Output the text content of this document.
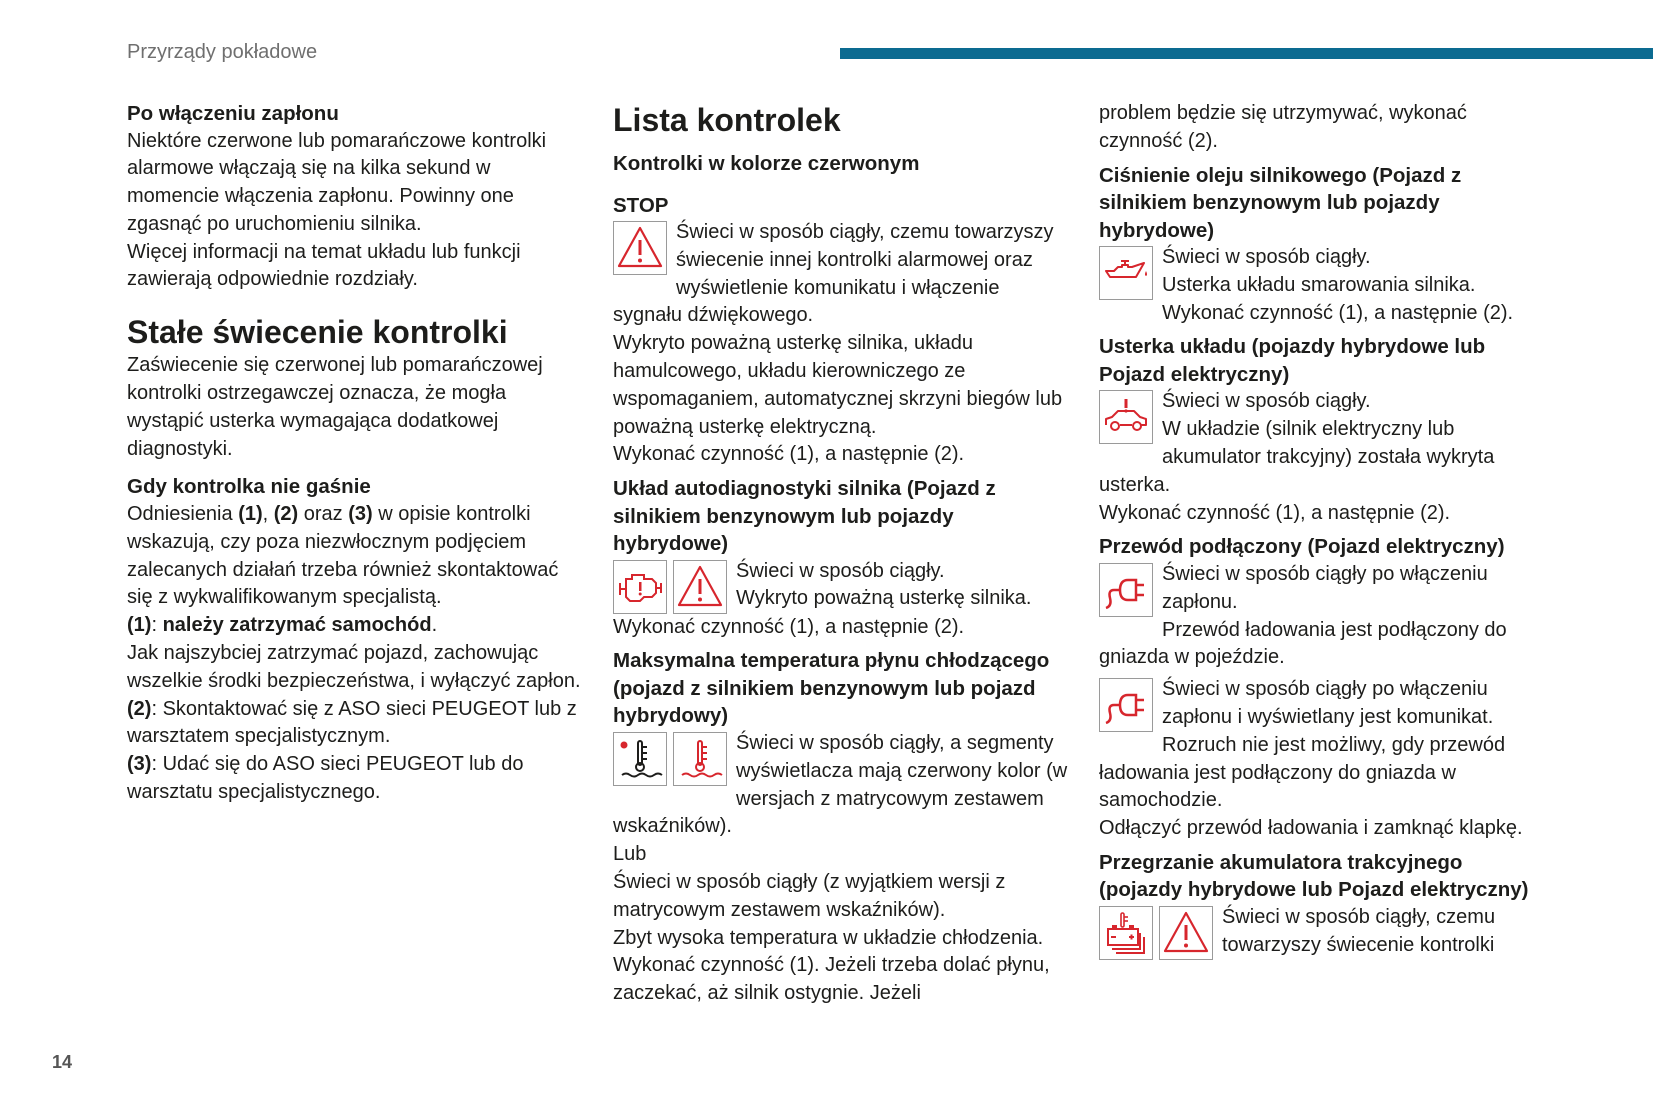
Przyrządy pokładowe
Po włączeniu zapłonu

Niektóre czerwone lub pomarańczowe kontrolki alarmowe włączają się na kilka sekund w momencie włączenia zapłonu. Powinny one zgasnąć po uruchomieniu silnika.

Więcej informacji na temat układu lub funkcji zawierają odpowiednie rozdziały.

Stałe świecenie kontrolki

Zaświecenie się czerwonej lub pomarańczowej kontrolki ostrzegawczej oznacza, że mogła wystąpić usterka wymagająca dodatkowej diagnostyki.

Gdy kontrolka nie gaśnie

Odniesienia (1), (2) oraz (3) w opisie kontrolki wskazują, czy poza niezwłocznym podjęciem zalecanych działań trzeba również skontaktować się z wykwalifikowanym specjalistą.

(1): należy zatrzymać samochód.

Jak najszybciej zatrzymać pojazd, zachowując wszelkie środki bezpieczeństwa, i wyłączyć zapłon.

(2): Skontaktować się z ASO sieci PEUGEOT lub z warsztatem specjalistycznym.

(3): Udać się do ASO sieci PEUGEOT lub do warsztatu specjalistycznego.

Lista kontrolek
Kontrolki w kolorze czerwonym
STOP

Świeci w sposób ciągły, czemu towarzyszy świecenie innej kontrolki alarmowej oraz wyświetlenie komunikatu i włączenie sygnału dźwiękowego.

Wykryto poważną usterkę silnika, układu hamulcowego, układu kierowniczego ze wspomaganiem, automatycznej skrzyni biegów lub poważną usterkę elektryczną.

Wykonać czynność (1), a następnie (2).

Układ autodiagnostyki silnika (Pojazd z silnikiem benzynowym lub pojazdy hybrydowe)

Świeci w sposób ciągły.

Wykryto poważną usterkę silnika.

Wykonać czynność (1), a następnie (2).

Maksymalna temperatura płynu chłodzącego (pojazd z silnikiem benzynowym lub pojazd hybrydowy)

Świeci w sposób ciągły, a segmenty wyświetlacza mają czerwony kolor (w wersjach z matrycowym zestawem wskaźników).

Lub

Świeci w sposób ciągły (z wyjątkiem wersji z matrycowym zestawem wskaźników).

Zbyt wysoka temperatura w układzie chłodzenia.

Wykonać czynność (1). Jeżeli trzeba dolać płynu, zaczekać, aż silnik ostygnie. Jeżeli

problem będzie się utrzymywać, wykonać czynność (2).

Ciśnienie oleju silnikowego (Pojazd z silnikiem benzynowym lub pojazdy hybrydowe)

Świeci w sposób ciągły.

Usterka układu smarowania silnika.

Wykonać czynność (1), a następnie (2).

Usterka układu (pojazdy hybrydowe lub Pojazd elektryczny)

Świeci w sposób ciągły.

W układzie (silnik elektryczny lub akumulator trakcyjny) została wykryta usterka.

Wykonać czynność (1), a następnie (2).

Przewód podłączony (Pojazd elektryczny)

Świeci w sposób ciągły po włączeniu zapłonu.

Przewód ładowania jest podłączony do gniazda w pojeździe.

Świeci w sposób ciągły po włączeniu zapłonu i wyświetlany jest komunikat.

Rozruch nie jest możliwy, gdy przewód ładowania jest podłączony do gniazda w samochodzie.

Odłączyć przewód ładowania i zamknąć klapkę.

Przegrzanie akumulatora trakcyjnego (pojazdy hybrydowe lub Pojazd elektryczny)

Świeci w sposób ciągły, czemu towarzyszy świecenie kontrolki

14
